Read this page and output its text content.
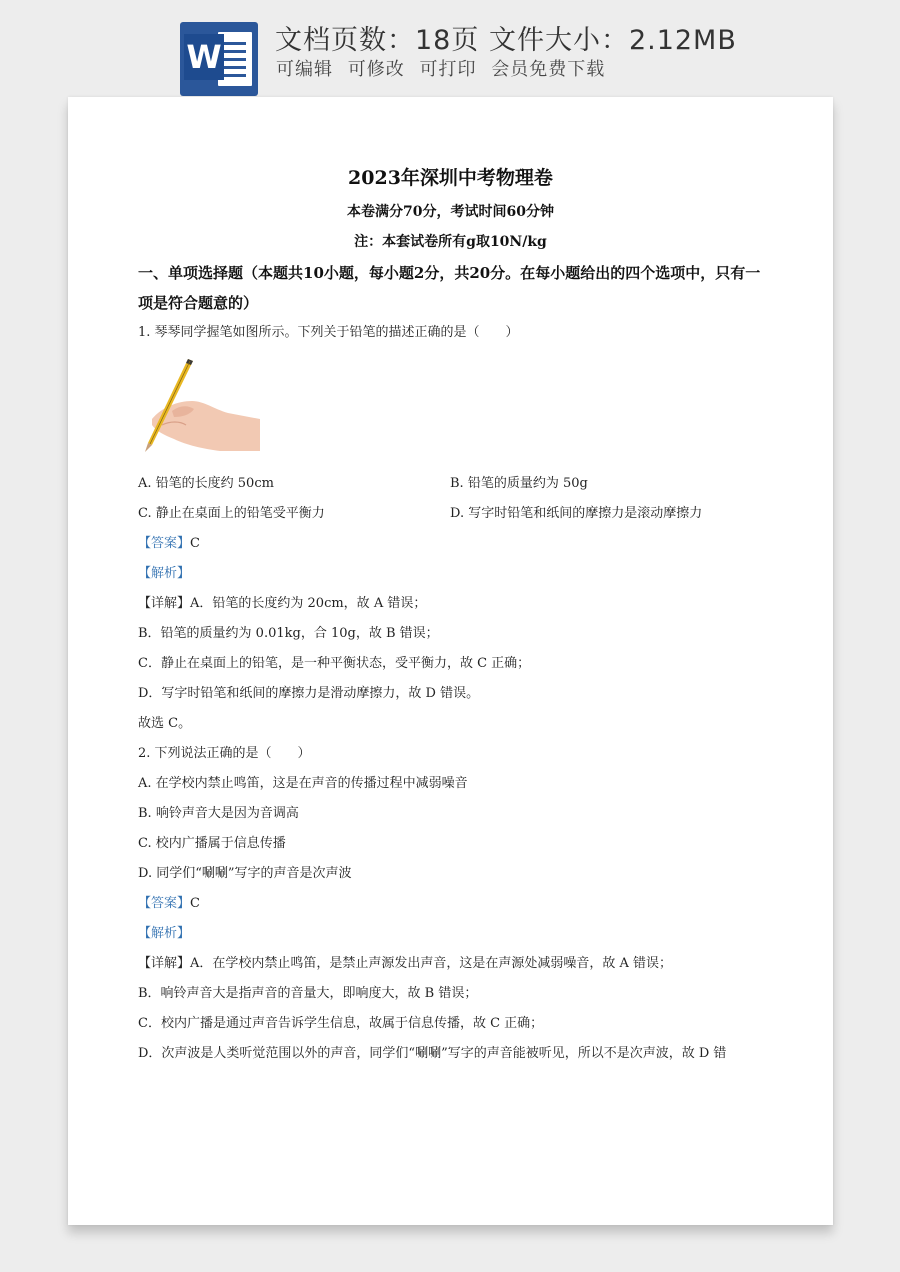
W 文档页数：18页 文件大小：2.12MB
可编辑 可修改 可打印 会员免费下载
2023年深圳中考物理卷
本卷满分70分，考试时间60分钟
注：本套试卷所有g取10N/kg
一、单项选择题（本题共10小题，每小题2分，共20分。在每小题给出的四个选项中，只有一项是符合题意的）
1. 琴琴同学握笔如图所示。下列关于铅笔的描述正确的是（　　）
A. 铅笔的长度约 50cm	B. 铅笔的质量约为 50g
C. 静止在桌面上的铅笔受平衡力	D. 写字时铅笔和纸间的摩擦力是滚动摩擦力
【答案】C
【解析】
【详解】A．铅笔的长度约为 20cm，故 A 错误；
B．铅笔的质量约为 0.01kg，合 10g，故 B 错误；
C．静止在桌面上的铅笔，是一种平衡状态，受平衡力，故 C 正确；
D．写字时铅笔和纸间的摩擦力是滑动摩擦力，故 D 错误。
故选 C。
2. 下列说法正确的是（　　）
A. 在学校内禁止鸣笛，这是在声音的传播过程中减弱噪音
B. 响铃声音大是因为音调高
C. 校内广播属于信息传播
D. 同学们“唰唰”写字的声音是次声波
【答案】C
【解析】
【详解】A．在学校内禁止鸣笛，是禁止声源发出声音，这是在声源处减弱噪音，故 A 错误；
B．响铃声音大是指声音的音量大，即响度大，故 B 错误；
C．校内广播是通过声音告诉学生信息，故属于信息传播，故 C 正确；
D．次声波是人类听觉范围以外的声音，同学们“唰唰”写字的声音能被听见，所以不是次声波，故 D 错
